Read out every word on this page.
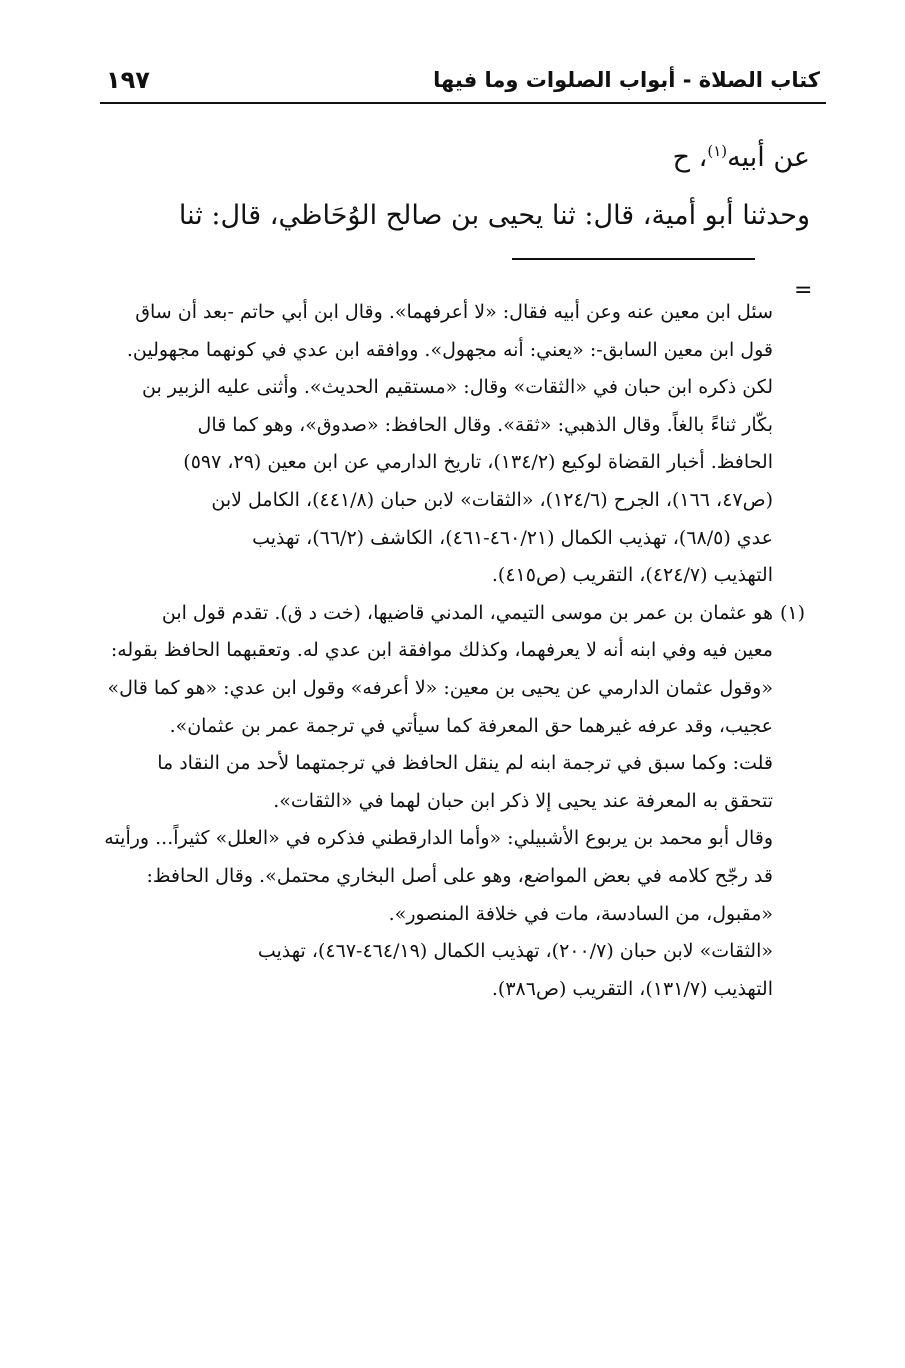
كتاب الصلاة - أبواب الصلوات وما فيها
١٩٧

عن أبيه$^{(١)}$، ح

وحدثنا أبو أمية، قال: ثنا يحيى بن صالح الوُحَاظي، قال: ثنا

=

سئل ابن معين عنه وعن أبيه فقال: «لا أعرفهما». وقال ابن أبي حاتم -بعد أن ساق

قول ابن معين السابق-: «يعني: أنه مجهول». ووافقه ابن عدي في كونهما مجهولين.

لكن ذكره ابن حبان في «الثقات» وقال: «مستقيم الحديث». وأثنى عليه الزبير بن

بكّار ثناءً بالغاً. وقال الذهبي: «ثقة». وقال الحافظ: «صدوق»، وهو كما قال

الحافظ. أخبار القضاة لوكيع (١٣٤/٢)، تاريخ الدارمي عن ابن معين (٢٩، ٥٩٧)

(ص٤٧، ١٦٦)، الجرح (١٢٤/٦)، «الثقات» لابن حبان (٤٤١/٨)، الكامل لابن

عدي (٦٨/٥)، تهذيب الكمال (٤٦٠/٢١-٤٦١)، الكاشف (٦٦/٢)، تهذيب

التهذيب (٤٢٤/٧)، التقريب (ص٤١٥).

(١)
هو عثمان بن عمر بن موسى التيمي، المدني قاضيها، (خت د ق). تقدم قول ابن

معين فيه وفي ابنه أنه لا يعرفهما، وكذلك موافقة ابن عدي له. وتعقبهما الحافظ بقوله:

«وقول عثمان الدارمي عن يحيى بن معين: «لا أعرفه» وقول ابن عدي: «هو كما قال»

عجيب، وقد عرفه غيرهما حق المعرفة كما سيأتي في ترجمة عمر بن عثمان».

قلت: وكما سبق في ترجمة ابنه لم ينقل الحافظ في ترجمتهما لأحد من النقاد ما

تتحقق به المعرفة عند يحيى إلا ذكر ابن حبان لهما في «الثقات».

وقال أبو محمد بن يربوع الأشبيلي: «وأما الدارقطني فذكره في «العلل» كثيراً... ورأيته

قد رجّح كلامه في بعض المواضع، وهو على أصل البخاري محتمل». وقال الحافظ:

«مقبول، من السادسة، مات في خلافة المنصور».

«الثقات» لابن حبان (٢٠٠/٧)، تهذيب الكمال (٤٦٤/١٩-٤٦٧)، تهذيب

التهذيب (١٣١/٧)، التقريب (ص٣٨٦).
